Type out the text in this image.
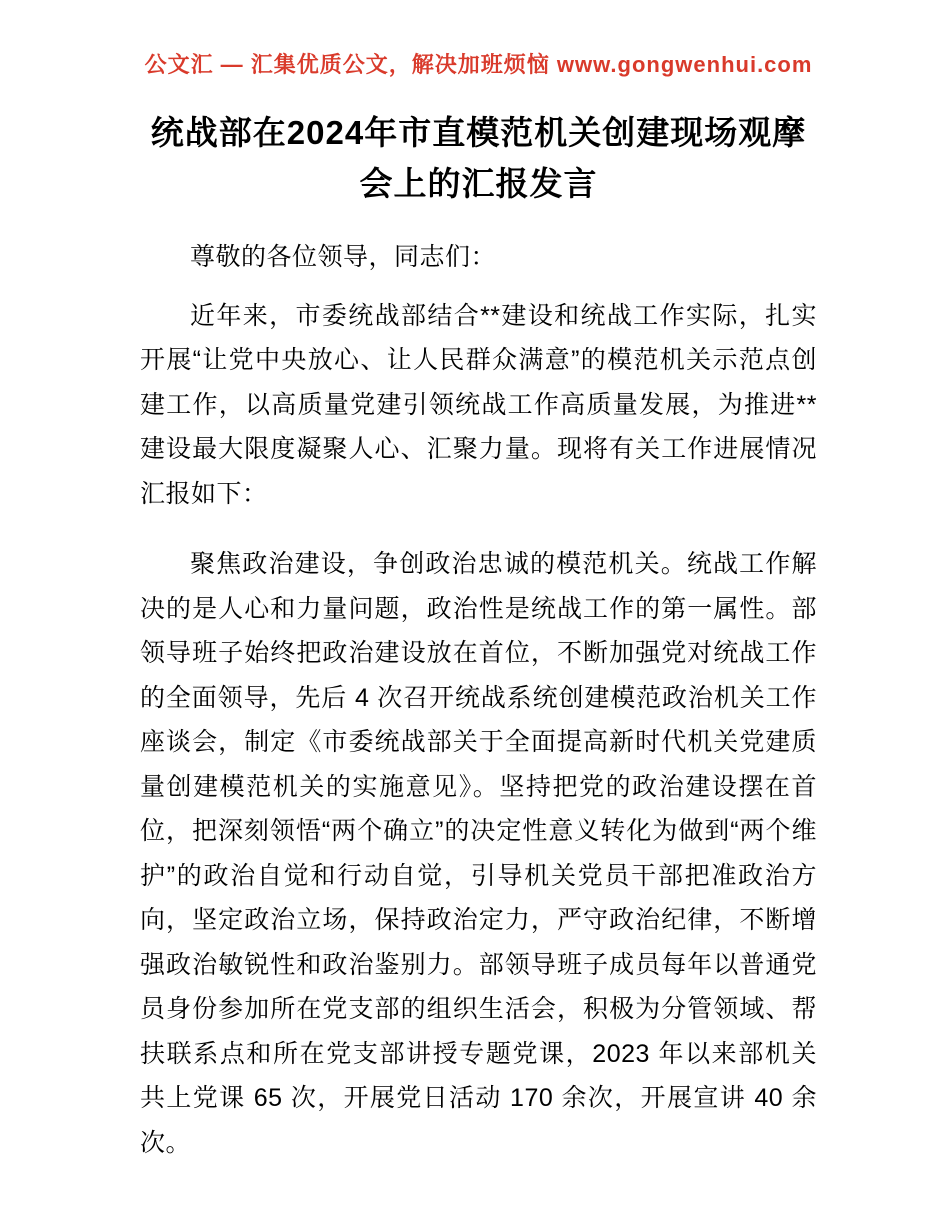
公文汇 — 汇集优质公文，解决加班烦恼 www.gongwenhui.com
统战部在2024年市直模范机关创建现场观摩会上的汇报发言

尊敬的各位领导，同志们：

近年来，市委统战部结合**建设和统战工作实际，扎实开展“让党中央放心、让人民群众满意”的模范机关示范点创建工作，以高质量党建引领统战工作高质量发展，为推进**建设最大限度凝聚人心、汇聚力量。现将有关工作进展情况汇报如下：

聚焦政治建设，争创政治忠诚的模范机关。统战工作解决的是人心和力量问题，政治性是统战工作的第一属性。部领导班子始终把政治建设放在首位，不断加强党对统战工作的全面领导，先后 4 次召开统战系统创建模范政治机关工作座谈会，制定《市委统战部关于全面提高新时代机关党建质量创建模范机关的实施意见》。坚持把党的政治建设摆在首位，把深刻领悟“两个确立”的决定性意义转化为做到“两个维护”的政治自觉和行动自觉，引导机关党员干部把准政治方向，坚定政治立场，保持政治定力，严守政治纪律，不断增强政治敏锐性和政治鉴别力。部领导班子成员每年以普通党员身份参加所在党支部的组织生活会，积极为分管领域、帮扶联系点和所在党支部讲授专题党课，2023 年以来部机关共上党课 65 次，开展党日活动 170 余次，开展宣讲 40 余次。
